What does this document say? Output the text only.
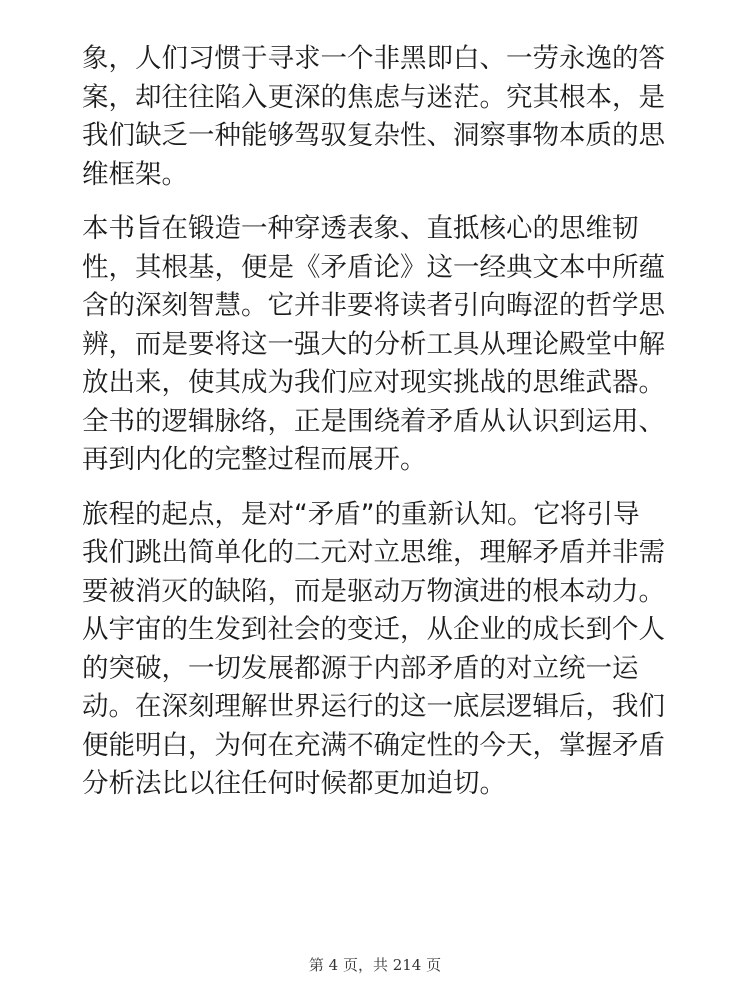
象，人们习惯于寻求一个非黑即白、一劳永逸的答
案，却往往陷入更深的焦虑与迷茫。究其根本，是
我们缺乏一种能够驾驭复杂性、洞察事物本质的思
维框架。
本书旨在锻造一种穿透表象、直抵核心的思维韧
性，其根基，便是《矛盾论》这一经典文本中所蕴
含的深刻智慧。它并非要将读者引向晦涩的哲学思
辨，而是要将这一强大的分析工具从理论殿堂中解
放出来，使其成为我们应对现实挑战的思维武器。
全书的逻辑脉络，正是围绕着矛盾从认识到运用、
再到内化的完整过程而展开。
旅程的起点，是对“矛盾”的重新认知。它将引导
我们跳出简单化的二元对立思维，理解矛盾并非需
要被消灭的缺陷，而是驱动万物演进的根本动力。
从宇宙的生发到社会的变迁，从企业的成长到个人
的突破，一切发展都源于内部矛盾的对立统一运
动。在深刻理解世界运行的这一底层逻辑后，我们
便能明白，为何在充满不确定性的今天，掌握矛盾
分析法比以往任何时候都更加迫切。
第 4 页，共 214 页
